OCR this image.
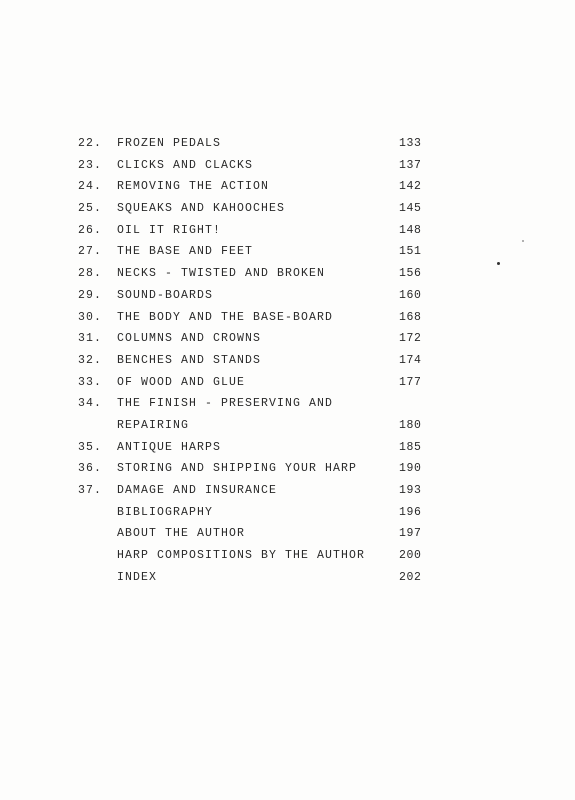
22. FROZEN PEDALS	133
23. CLICKS AND CLACKS	137
24. REMOVING THE ACTION	142
25. SQUEAKS AND KAHOOCHES	145
26. OIL IT RIGHT!	148
27. THE BASE AND FEET	151
28. NECKS - TWISTED AND BROKEN	156
29. SOUND-BOARDS	160
30. THE BODY AND THE BASE-BOARD	168
31. COLUMNS AND CROWNS	172
32. BENCHES AND STANDS	174
33. OF WOOD AND GLUE	177
34. THE FINISH - PRESERVING AND
REPAIRING	180
35. ANTIQUE HARPS	185
36. STORING AND SHIPPING YOUR HARP	190
37. DAMAGE AND INSURANCE	193
BIBLIOGRAPHY	196
ABOUT THE AUTHOR	197
HARP COMPOSITIONS BY THE AUTHOR	200
INDEX	202
